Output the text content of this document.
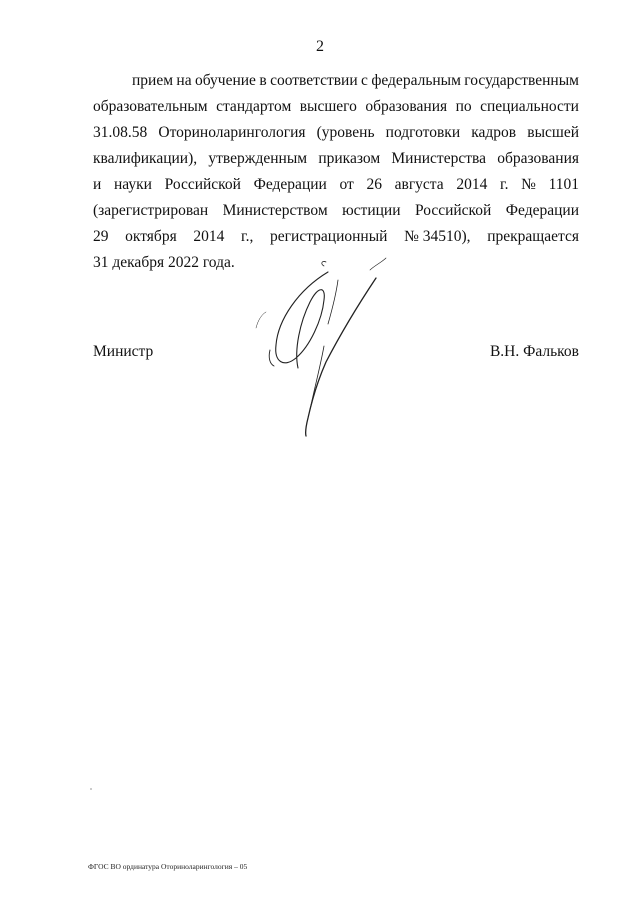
2
прием на обучение в соответствии с федеральным государственным
образовательным стандартом высшего образования по специальности
31.08.58 Оториноларингология (уровень подготовки кадров высшей
квалификации), утвержденным приказом Министерства образования
и науки Российской Федерации от 26 августа 2014 г. № 1101
(зарегистрирован Министерством юстиции Российской Федерации
29 октября 2014 г., регистрационный № 34510), прекращается
31 декабря 2022 года.
Министр	В.Н. Фальков
ФГОС ВО ординатура Оториноларингология – 05
